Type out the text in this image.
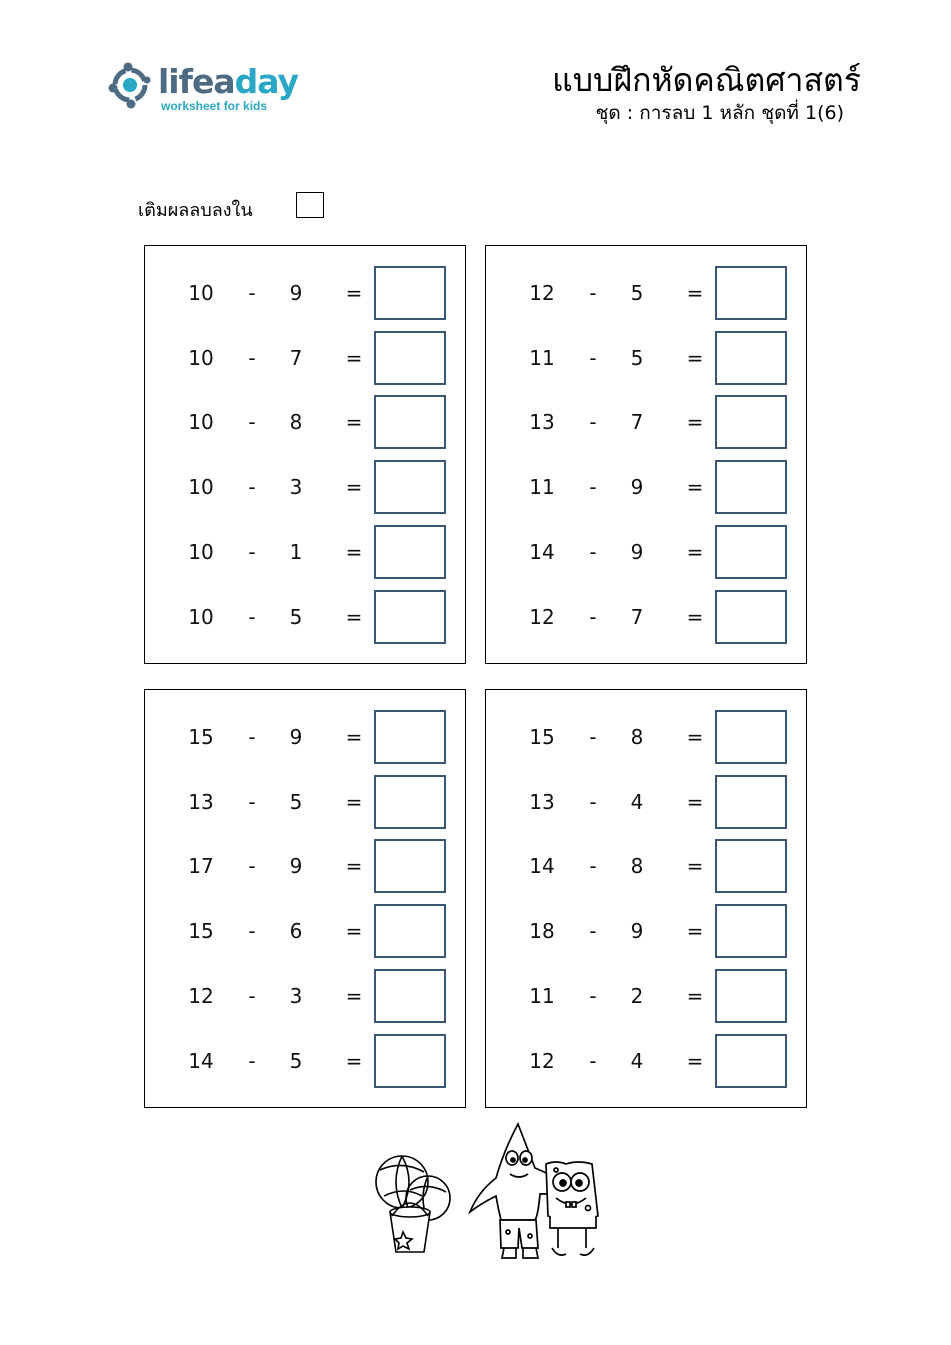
lifeaday
worksheet for kids
แบบฝึกหัดคณิตศาสตร์
ชุด : การลบ 1 หลัก ชุดที่ 1(6)
เติมผลลบลงใน
10	-	9	=
10	-	7	=
10	-	8	=
10	-	3	=
10	-	1	=
10	-	5	=
12	-	5	=
11	-	5	=
13	-	7	=
11	-	9	=
14	-	9	=
12	-	7	=
15	-	9	=
13	-	5	=
17	-	9	=
15	-	6	=
12	-	3	=
14	-	5	=
15	-	8	=
13	-	4	=
14	-	8	=
18	-	9	=
11	-	2	=
12	-	4	=
